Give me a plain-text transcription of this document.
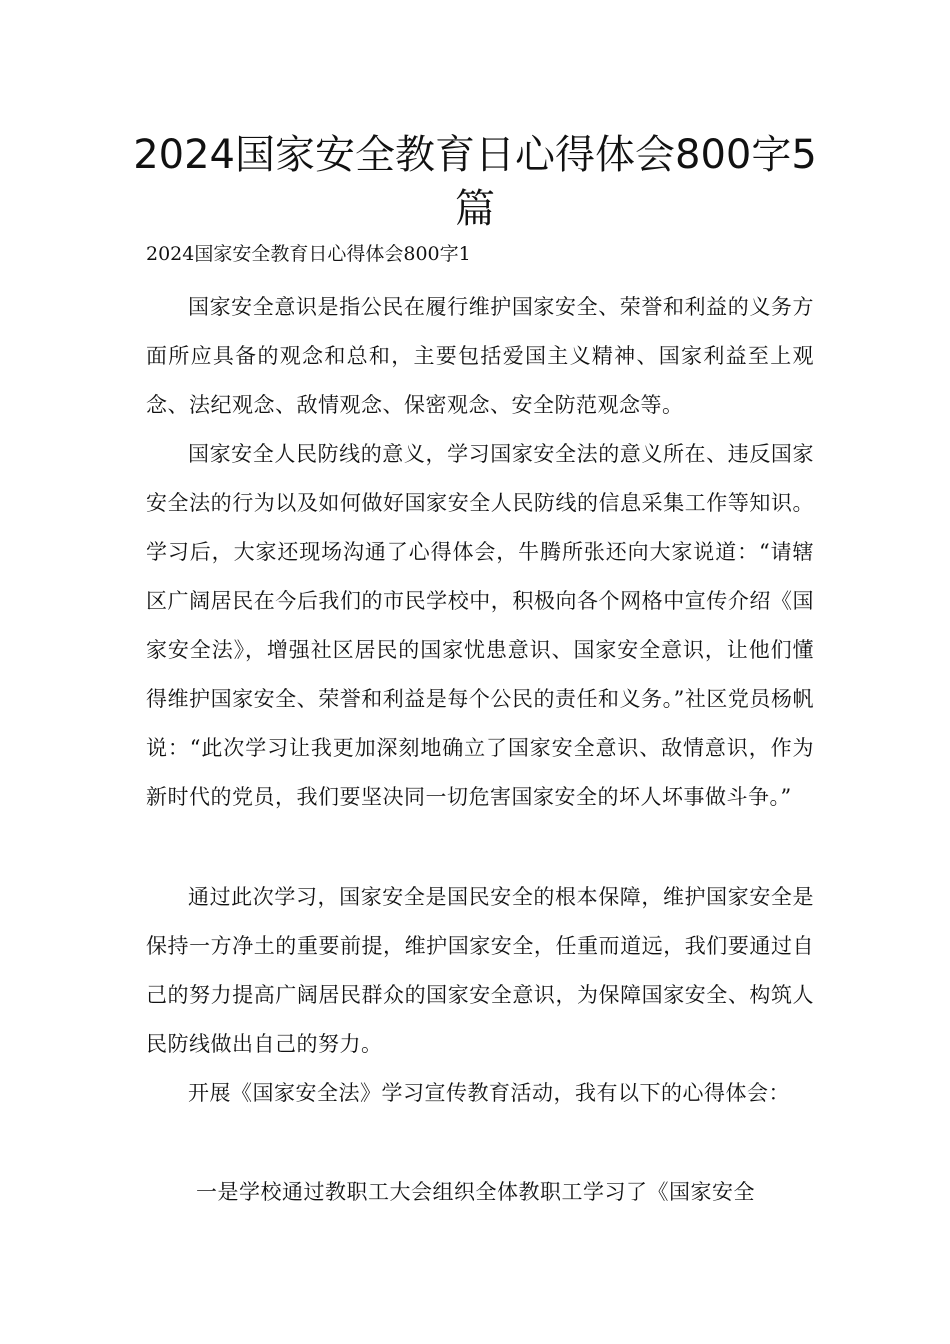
2024国家安全教育日心得体会800字5篇

2024国家安全教育日心得体会800字1

国家安全意识是指公民在履行维护国家安全、荣誉和利益的义务方面所应具备的观念和总和，主要包括爱国主义精神、国家利益至上观念、法纪观念、敌情观念、保密观念、安全防范观念等。

国家安全人民防线的意义，学习国家安全法的意义所在、违反国家安全法的行为以及如何做好国家安全人民防线的信息采集工作等知识。学习后，大家还现场沟通了心得体会，牛腾所张还向大家说道：“请辖区广阔居民在今后我们的市民学校中，积极向各个网格中宣传介绍《国家安全法》，增强社区居民的国家忧患意识、国家安全意识，让他们懂得维护国家安全、荣誉和利益是每个公民的责任和义务。”社区党员杨帆说：“此次学习让我更加深刻地确立了国家安全意识、敌情意识，作为新时代的党员，我们要坚决同一切危害国家安全的坏人坏事做斗争。”

通过此次学习，国家安全是国民安全的根本保障，维护国家安全是保持一方净土的重要前提，维护国家安全，任重而道远，我们要通过自己的努力提高广阔居民群众的国家安全意识，为保障国家安全、构筑人民防线做出自己的努力。

开展《国家安全法》学习宣传教育活动，我有以下的心得体会：

一是学校通过教职工大会组织全体教职工学习了《国家安全
